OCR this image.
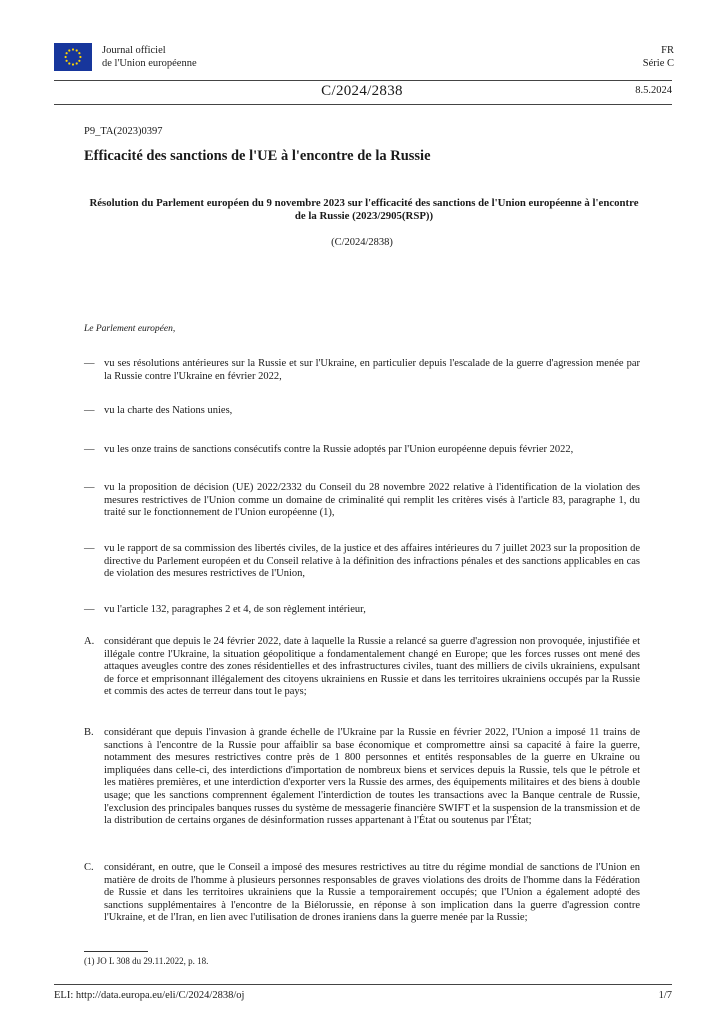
Journal officiel
de l'Union européenne
FR
Série C
C/2024/2838	8.5.2024
P9_TA(2023)0397
Efficacité des sanctions de l'UE à l'encontre de la Russie
Résolution du Parlement européen du 9 novembre 2023 sur l'efficacité des sanctions de l'Union européenne à l'encontre de la Russie (2023/2905(RSP))
(C/2024/2838)
Le Parlement européen,
— vu ses résolutions antérieures sur la Russie et sur l'Ukraine, en particulier depuis l'escalade de la guerre d'agression menée par la Russie contre l'Ukraine en février 2022,
— vu la charte des Nations unies,
— vu les onze trains de sanctions consécutifs contre la Russie adoptés par l'Union européenne depuis février 2022,
— vu la proposition de décision (UE) 2022/2332 du Conseil du 28 novembre 2022 relative à l'identification de la violation des mesures restrictives de l'Union comme un domaine de criminalité qui remplit les critères visés à l'article 83, paragraphe 1, du traité sur le fonctionnement de l'Union européenne (1),
— vu le rapport de sa commission des libertés civiles, de la justice et des affaires intérieures du 7 juillet 2023 sur la proposition de directive du Parlement européen et du Conseil relative à la définition des infractions pénales et des sanctions applicables en cas de violation des mesures restrictives de l'Union,
— vu l'article 132, paragraphes 2 et 4, de son règlement intérieur,
A. considérant que depuis le 24 février 2022, date à laquelle la Russie a relancé sa guerre d'agression non provoquée, injustifiée et illégale contre l'Ukraine, la situation géopolitique a fondamentalement changé en Europe; que les forces russes ont mené des attaques aveugles contre des zones résidentielles et des infrastructures civiles, tuant des milliers de civils ukrainiens, expulsant de force et emprisonnant illégalement des citoyens ukrainiens en Russie et dans les territoires ukrainiens occupés par la Russie et commis des actes de terreur dans tout le pays;
B. considérant que depuis l'invasion à grande échelle de l'Ukraine par la Russie en février 2022, l'Union a imposé 11 trains de sanctions à l'encontre de la Russie pour affaiblir sa base économique et compromettre ainsi sa capacité à faire la guerre, notamment des mesures restrictives contre près de 1 800 personnes et entités responsables de la guerre en Ukraine ou impliquées dans celle-ci, des interdictions d'importation de nombreux biens et services depuis la Russie, tels que le pétrole et les matières premières, et une interdiction d'exporter vers la Russie des armes, des équipements militaires et des biens à double usage; que les sanctions comprennent également l'interdiction de toutes les transactions avec la Banque centrale de Russie, l'exclusion des principales banques russes du système de messagerie financière SWIFT et la suspension de la transmission et de la distribution de certains organes de désinformation russes appartenant à l'État ou soutenus par l'État;
C. considérant, en outre, que le Conseil a imposé des mesures restrictives au titre du régime mondial de sanctions de l'Union en matière de droits de l'homme à plusieurs personnes responsables de graves violations des droits de l'homme dans la Fédération de Russie et dans les territoires ukrainiens que la Russie a temporairement occupés; que l'Union a également adopté des sanctions supplémentaires à l'encontre de la Biélorussie, en réponse à son implication dans la guerre d'agression contre l'Ukraine, et de l'Iran, en lien avec l'utilisation de drones iraniens dans la guerre menée par la Russie;
(1) JO L 308 du 29.11.2022, p. 18.
ELI: http://data.europa.eu/eli/C/2024/2838/oj	1/7
